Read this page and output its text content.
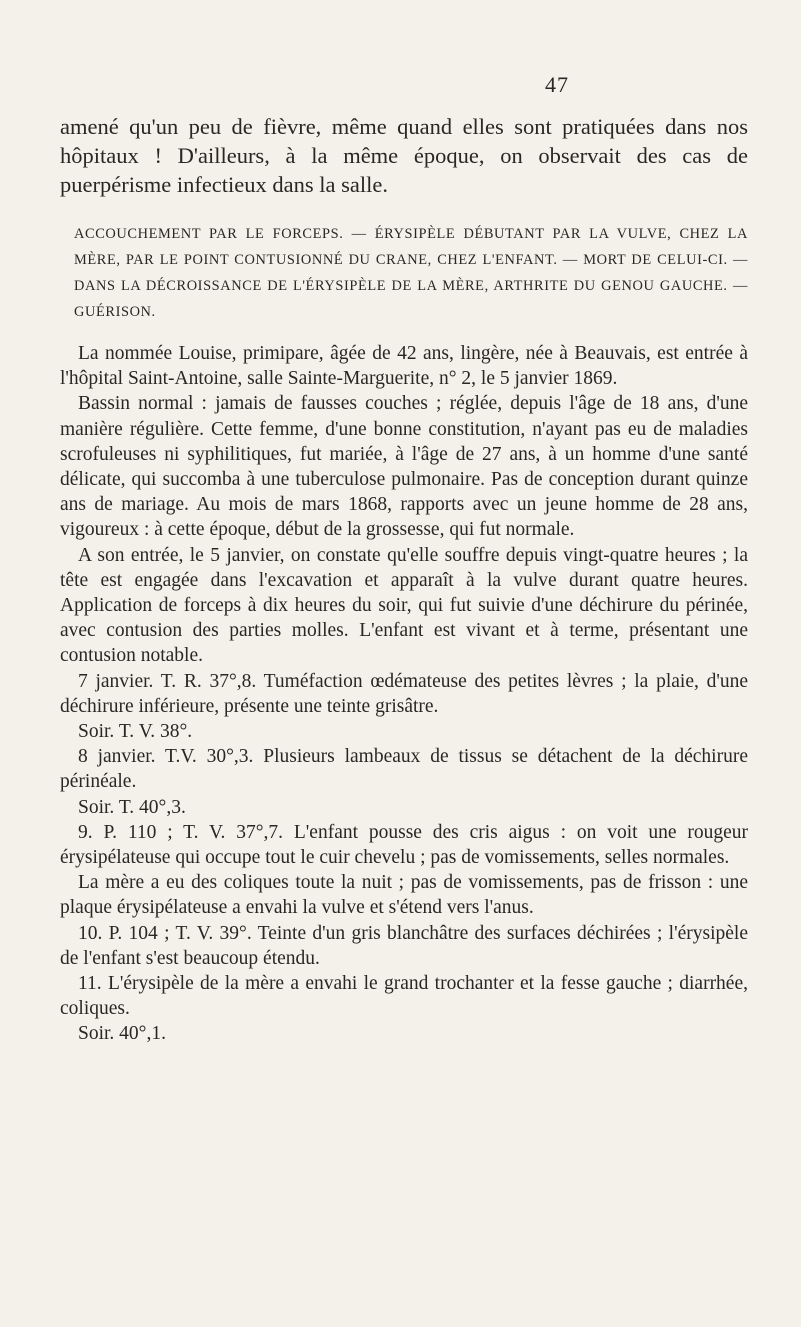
47

amené qu'un peu de fièvre, même quand elles sont pratiquées dans nos hôpitaux ! D'ailleurs, à la même époque, on observait des cas de puerpérisme infectieux dans la salle.

ACCOUCHEMENT PAR LE FORCEPS. — ÉRYSIPÈLE DÉBUTANT PAR LA VULVE, CHEZ LA MÈRE, PAR LE POINT CONTUSIONNÉ DU CRANE, CHEZ L'ENFANT. — MORT DE CELUI-CI. — DANS LA DÉCROISSANCE DE L'ÉRYSIPÈLE DE LA MÈRE, ARTHRITE DU GENOU GAUCHE. — GUÉRISON.

La nommée Louise, primipare, âgée de 42 ans, lingère, née à Beauvais, est entrée à l'hôpital Saint-Antoine, salle Sainte-Marguerite, n° 2, le 5 janvier 1869.

Bassin normal : jamais de fausses couches ; réglée, depuis l'âge de 18 ans, d'une manière régulière. Cette femme, d'une bonne constitution, n'ayant pas eu de maladies scrofuleuses ni syphilitiques, fut mariée, à l'âge de 27 ans, à un homme d'une santé délicate, qui succomba à une tuberculose pulmonaire. Pas de conception durant quinze ans de mariage. Au mois de mars 1868, rapports avec un jeune homme de 28 ans, vigoureux : à cette époque, début de la grossesse, qui fut normale.

A son entrée, le 5 janvier, on constate qu'elle souffre depuis vingt-quatre heures ; la tête est engagée dans l'excavation et apparaît à la vulve durant quatre heures. Application de forceps à dix heures du soir, qui fut suivie d'une déchirure du périnée, avec contusion des parties molles. L'enfant est vivant et à terme, présentant une contusion notable.

7 janvier. T. R. 37°,8. Tuméfaction œdémateuse des petites lèvres ; la plaie, d'une déchirure inférieure, présente une teinte grisâtre.

Soir. T. V. 38°.

8 janvier. T.V. 30°,3. Plusieurs lambeaux de tissus se détachent de la déchirure périnéale.

Soir. T. 40°,3.

9. P. 110 ; T. V. 37°,7. L'enfant pousse des cris aigus : on voit une rougeur érysipélateuse qui occupe tout le cuir chevelu ; pas de vomissements, selles normales.

La mère a eu des coliques toute la nuit ; pas de vomissements, pas de frisson : une plaque érysipélateuse a envahi la vulve et s'étend vers l'anus.

10. P. 104 ; T. V. 39°. Teinte d'un gris blanchâtre des surfaces déchirées ; l'érysipèle de l'enfant s'est beaucoup étendu.

11. L'érysipèle de la mère a envahi le grand trochanter et la fesse gauche ; diarrhée, coliques.

Soir. 40°,1.
